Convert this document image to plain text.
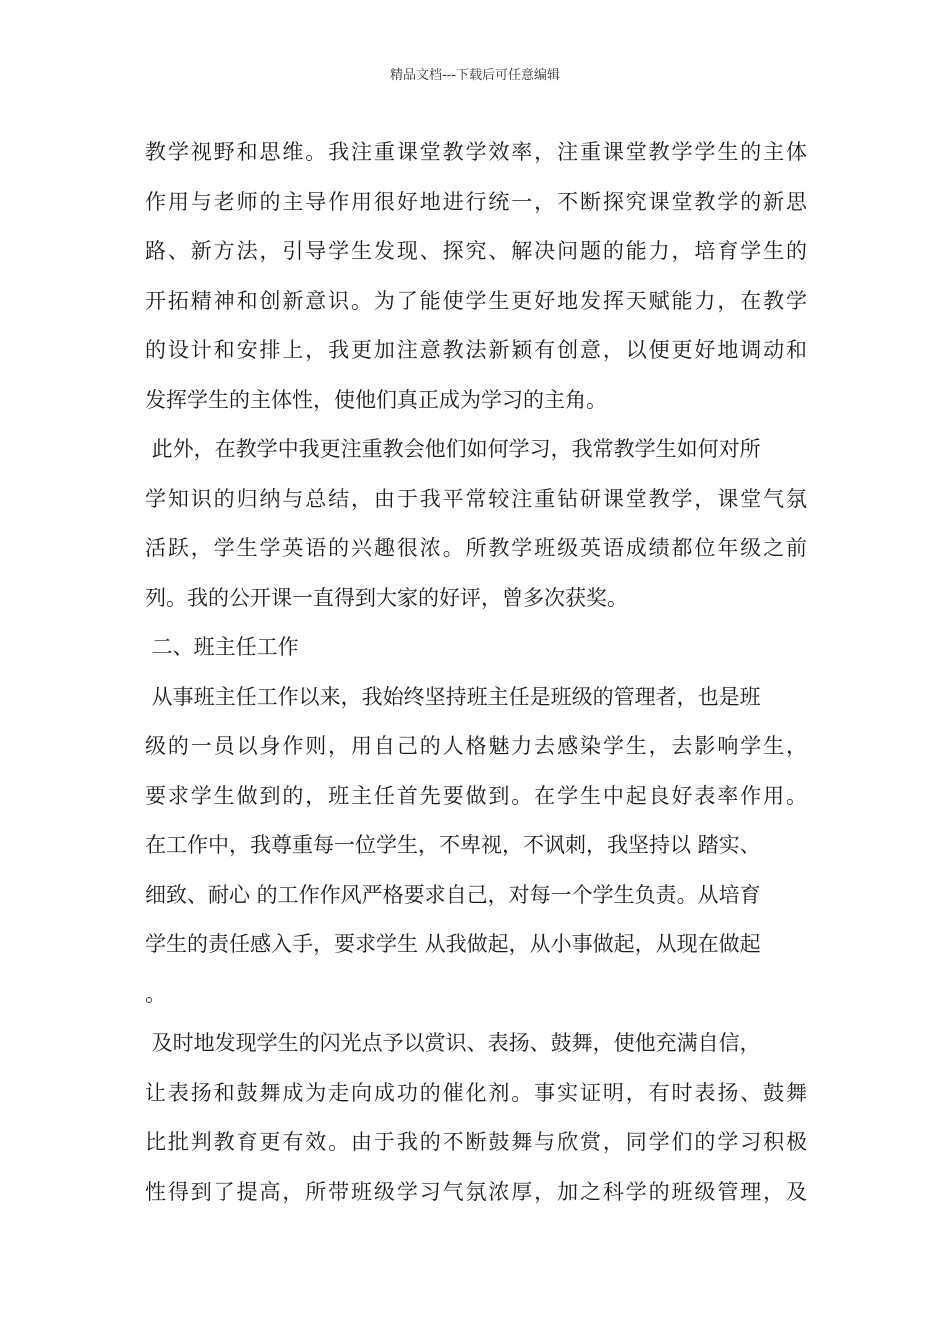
精品文档---下载后可任意编辑
教学视野和思维。我注重课堂教学效率，注重课堂教学学生的主体
作用与老师的主导作用很好地进行统一，不断探究课堂教学的新思
路、新方法，引导学生发现、探究、解决问题的能力，培育学生的
开拓精神和创新意识。为了能使学生更好地发挥天赋能力，在教学
的设计和安排上，我更加注意教法新颖有创意，以便更好地调动和
发挥学生的主体性，使他们真正成为学习的主角。
此外，在教学中我更注重教会他们如何学习，我常教学生如何对所
学知识的归纳与总结，由于我平常较注重钻研课堂教学，课堂气氛
活跃，学生学英语的兴趣很浓。所教学班级英语成绩都位年级之前
列。我的公开课一直得到大家的好评，曾多次获奖。
二、班主任工作
从事班主任工作以来，我始终坚持班主任是班级的管理者，也是班
级的一员以身作则，用自己的人格魅力去感染学生，去影响学生，
要求学生做到的，班主任首先要做到。在学生中起良好表率作用。
在工作中，我尊重每一位学生，不卑视，不讽刺，我坚持以 踏实、
细致、耐心 的工作作风严格要求自己，对每一个学生负责。从培育
学生的责任感入手，要求学生 从我做起，从小事做起，从现在做起
。
及时地发现学生的闪光点予以赏识、表扬、鼓舞，使他充满自信，
让表扬和鼓舞成为走向成功的催化剂。事实证明，有时表扬、鼓舞
比批判教育更有效。由于我的不断鼓舞与欣赏，同学们的学习积极
性得到了提高，所带班级学习气氛浓厚，加之科学的班级管理，及
